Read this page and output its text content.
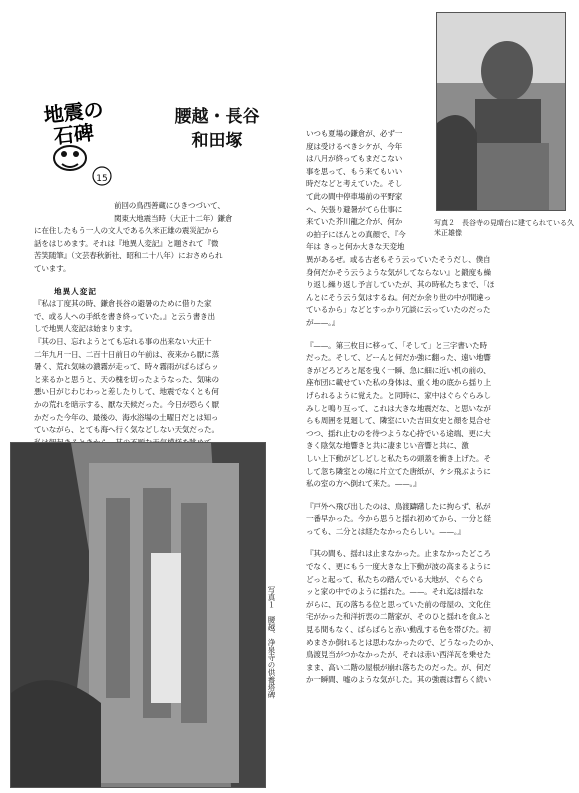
地震の
石碑
15
腰越・長谷
和田塚
写真２　長谷寺の見晴台に建てられている久米正雄像
前回の鳥西善蔵にひきつづいて、
関東大地震当時（大正十二年）鎌倉
に在住したもう一人の文人である久米正雄の震災記から
話をはじめます。それは『地異人変記』と題されて『微
苦笑随筆』（文芸春秋新社、昭和二十八年）におさめられ
ています。
地異人変記
『私は丁度其の時、鎌倉長谷の避暑のために借りた家
で、或る人への手紙を書き終っていた。』と云う書き出
しで地異人変記は始まります。
『其の日、忘れようとても忘れる事の出来ない大正十
二年九月一日、二百十日前日の午前は、夜来から厭に蒸
暑く、荒れ気味の濃霧が走って、時々霧雨がぱらぱらッ
と来るかと思うと、天の槐を切ったようなった、気味の
悪い日がじわじわっと差したりして、地震でなくとも何
かの荒れを暗示する、厭な天候だった。今日が恐らく厭
かだった今年の、最後の、海水浴場の土曜日だとは知っ
ていながら、とても海へ行く気などしない天気だった。
いつも夏場の鎌倉が、必ず一
度は受けるべきシケが、今年
は八月が終ってもまだこない
事を思って、もう来てもいい
時だなどと考えていた。そし
て此の間中停車場前の平野家
へ、矢張り避暑がてら仕事に
来ていた芥川龍之介が、何か
の拍子にほんとの真顔で、『今
年は きっと何か大きな天変地
異があるぜ。或る古老もそう云っていたそうだし、僕自
身何だかそう云うような気がしてならない』と鍛度も繰
り返し繰り返し予言していたが、其の時私たちまで、「ほ
んとにそう云う気はするね。何だか余り世の中が間違っ
ているから」などとすっかり冗談に云っていたのだった
が——。』
『——。第三枚目に移って、「そして」と三字書いた時
だった。そして、どーんと何だか強に翻った、遠い地響
きがどろどろと尾を曳く一瞬、急に細に近い机の前の、
座布団に載せていた私の身体は、重く地の底から揺り上
げられるように覚えた。と同時に、家中はぐらぐらみし
みしと鳴り互って、これは大きな地震だな、と思いなが
らも周囲を見廻して、隣室にいた吉田女史と顔を見合せ
つつ、揺れ止むのを待つような心持でいる途端、更に大
きく陰気な地響きと共に凄まじい音響と共に、激
しい上下動がどしどしと私たちの頭蓋を衝き上げた。そ
して忽ち隣室との境に片立てた唐紙が、ケシ飛ぶように
私の室の方へ倒れて来た。——。』
『戸外へ飛び出したのは、鳥渡躊躇したに拘らず、私が
一番早かった。今から思うと揺れ初めてから、一分と経
っても、二分とは経たなかったらしい。——。』
『其の間も、揺れは止まなかった。止まなかったどころ
でなく、更にもう一度大きな上下動が波の高まるように
どっと起って、私たちの踏んでいる大地が、ぐらぐら
ッと家の中でのように揺れた。——。それ迄は揺れな
がらに、瓦の落ちる位と思っていた前の母屋の、文化住
宅がかった和洋折衷の二階家が、そのひと揺れを食ふと
見る間もなく、ばらばらと赤い動乱する色を帯びた。初
めまさか倒れるとは思わなかったので、どうなったのか、
鳥渡見当がつかなかったが、それは赤い西洋瓦を乗せた
まま、高い二階の屋根が崩れ落ちたのだった。が、何だ
か一瞬間、嘘のような気がした。其の強震は暫らく続い
写真１　腰越、浄泉寺の供養塔碑
